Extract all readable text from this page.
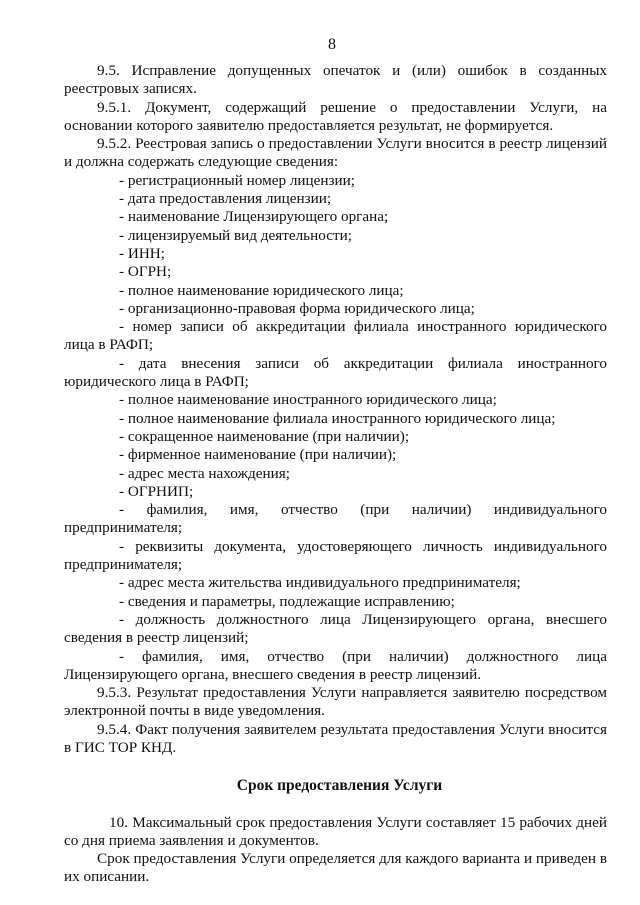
8

9.5. Исправление допущенных опечаток и (или) ошибок в созданных реестровых записях.

9.5.1. Документ, содержащий решение о предоставлении Услуги, на основании которого заявителю предоставляется результат, не формируется.

9.5.2. Реестровая запись о предоставлении Услуги вносится в реестр лицензий и должна содержать следующие сведения:

- регистрационный номер лицензии;

- дата предоставления лицензии;

- наименование Лицензирующего органа;

- лицензируемый вид деятельности;

- ИНН;

- ОГРН;

- полное наименование юридического лица;

- организационно-правовая форма юридического лица;

- номер записи об аккредитации филиала иностранного юридического лица в РАФП;

- дата внесения записи об аккредитации филиала иностранного юридического лица в РАФП;

- полное наименование иностранного юридического лица;

- полное наименование филиала иностранного юридического лица;

- сокращенное наименование (при наличии);

- фирменное наименование (при наличии);

- адрес места нахождения;

- ОГРНИП;

- фамилия, имя, отчество (при наличии) индивидуального предпринимателя;

- реквизиты документа, удостоверяющего личность индивидуального предпринимателя;

- адрес места жительства индивидуального предпринимателя;

- сведения и параметры, подлежащие исправлению;

- должность должностного лица Лицензирующего органа, внесшего сведения в реестр лицензий;

- фамилия, имя, отчество (при наличии) должностного лица Лицензирующего органа, внесшего сведения в реестр лицензий.

9.5.3. Результат предоставления Услуги направляется заявителю посредством электронной почты в виде уведомления.

9.5.4. Факт получения заявителем результата предоставления Услуги вносится в ГИС ТОР КНД.

Срок предоставления Услуги

10. Максимальный срок предоставления Услуги составляет 15 рабочих дней со дня приема заявления и документов.

Срок предоставления Услуги определяется для каждого варианта и приведен в их описании.
